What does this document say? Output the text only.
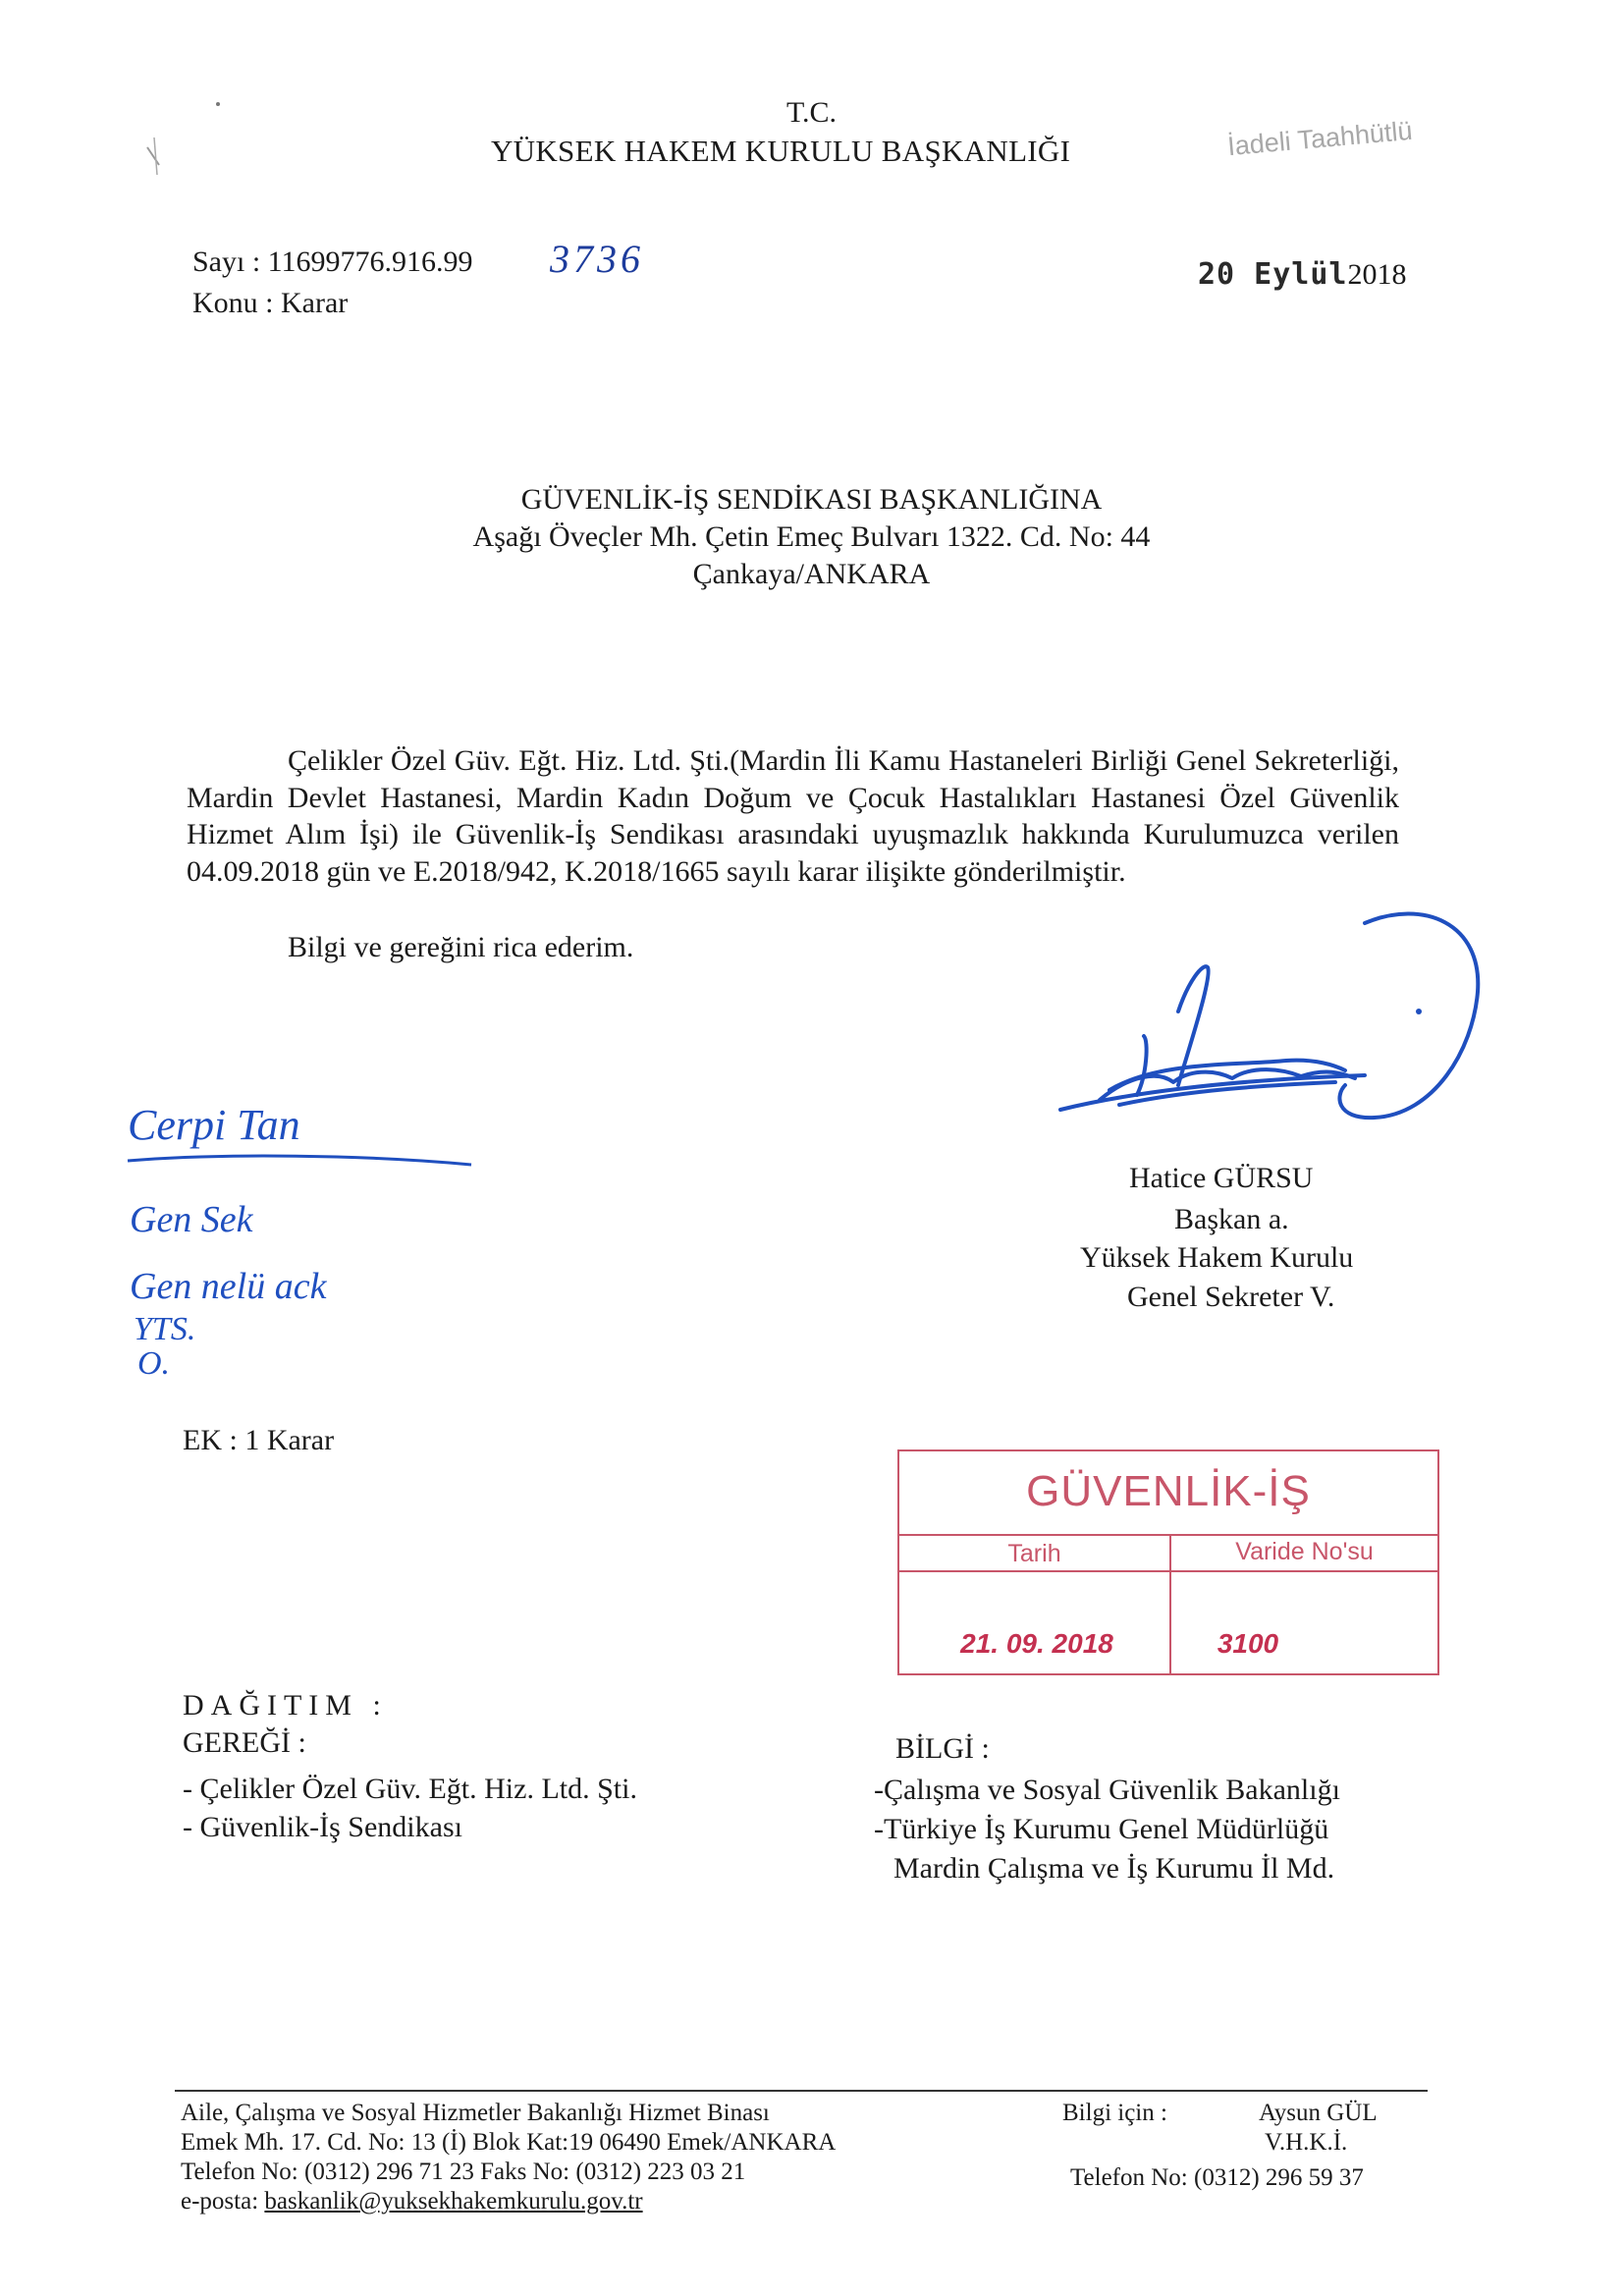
T.C.
YÜKSEK HAKEM KURULU BAŞKANLIĞI	İadeli Taahhütlü
Sayı : 11699776.916.99 3736
Konu : Karar
20 Eylül2018
GÜVENLİK-İŞ SENDİKASI BAŞKANLIĞINA
Aşağı Öveçler Mh. Çetin Emeç Bulvarı 1322. Cd. No: 44
Çankaya/ANKARA

Çelikler Özel Güv. Eğt. Hiz. Ltd. Şti.(Mardin İli Kamu Hastaneleri Birliği Genel Sekreterliği, Mardin Devlet Hastanesi, Mardin Kadın Doğum ve Çocuk Hastalıkları Hastanesi Özel Güvenlik Hizmet Alım İşi) ile Güvenlik-İş Sendikası arasındaki uyuşmazlık hakkında Kurulumuzca verilen 04.09.2018 gün ve E.2018/942, K.2018/1665 sayılı karar ilişikte gönderilmiştir.

Bilgi ve gereğini rica ederim.
Hatice GÜRSU
Başkan a.
Yüksek Hakem Kurulu
Genel Sekreter V.
Cerpi Tan
Gen Sek
Gen nelü ack
YTS.
O.
EK : 1 Karar
GÜVENLİK-İŞ
Tarih	Varide No'su
21. 09. 2018	3100
DAĞITIM :
GEREĞİ :
- Çelikler Özel Güv. Eğt. Hiz. Ltd. Şti.
- Güvenlik-İş Sendikası
BİLGİ :
-Çalışma ve Sosyal Güvenlik Bakanlığı
-Türkiye İş Kurumu Genel Müdürlüğü
Mardin Çalışma ve İş Kurumu İl Md.
Aile, Çalışma ve Sosyal Hizmetler Bakanlığı Hizmet Binası
Emek Mh. 17. Cd. No: 13 (İ) Blok Kat:19 06490 Emek/ANKARA
Telefon No: (0312) 296 71 23 Faks No: (0312) 223 03 21
e-posta: baskanlik@yuksekhakemkurulu.gov.tr
Bilgi için :	Aysun GÜL
V.H.K.İ.
Telefon No: (0312) 296 59 37
